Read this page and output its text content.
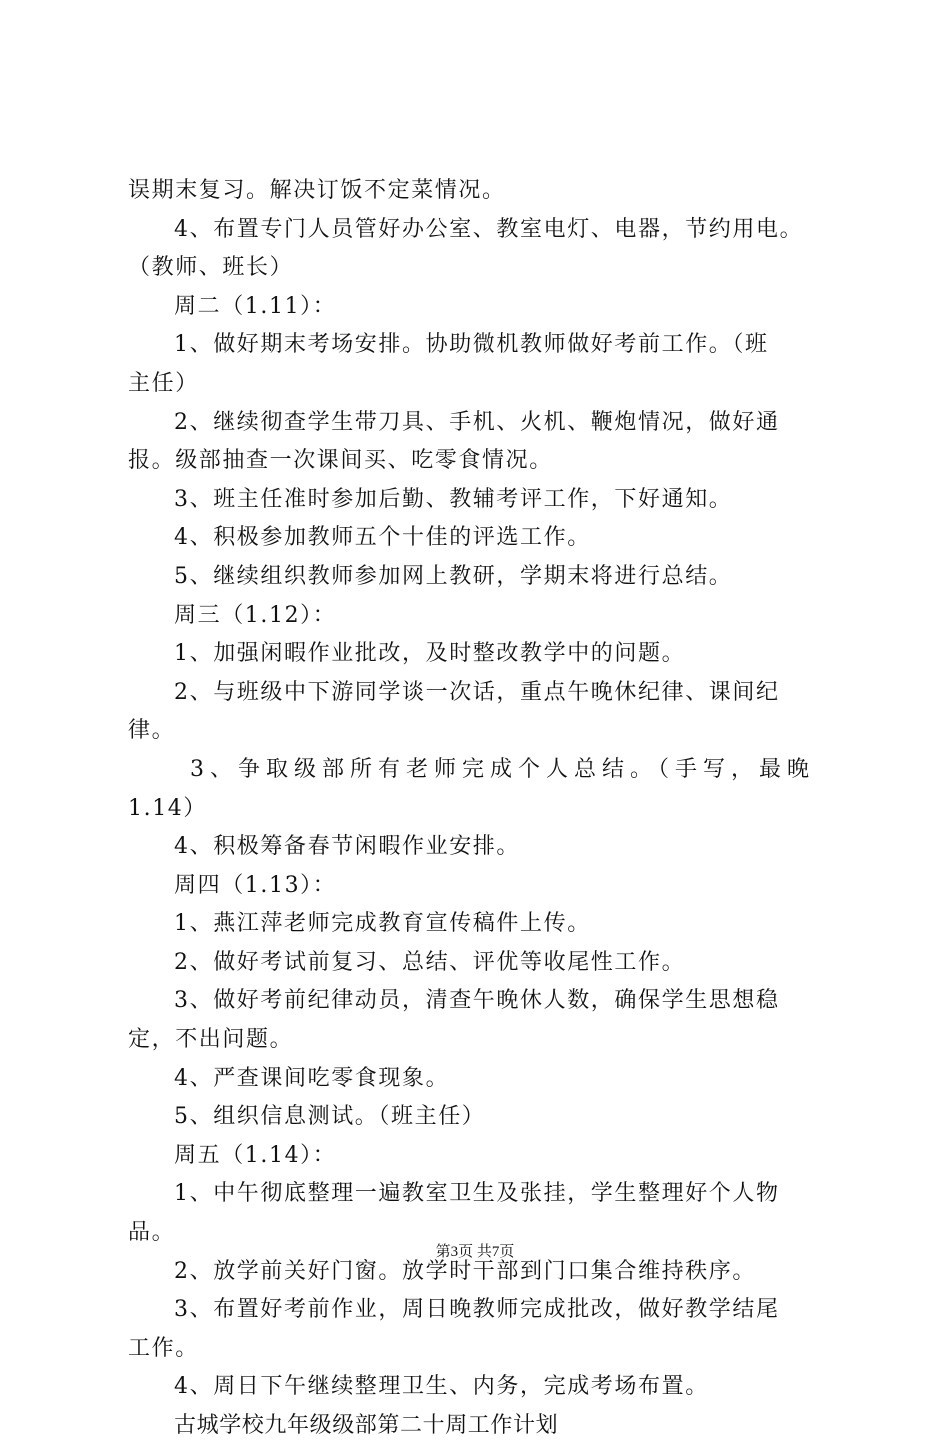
误期末复习。解决订饭不定菜情况。
4、布置专门人员管好办公室、教室电灯、电器，节约用电。
（教师、班长）
周二（1.11）：
1、做好期末考场安排。协助微机教师做好考前工作。（班
主任）
2、继续彻查学生带刀具、手机、火机、鞭炮情况，做好通
报。级部抽查一次课间买、吃零食情况。
3、班主任准时参加后勤、教辅考评工作，下好通知。
4、积极参加教师五个十佳的评选工作。
5、继续组织教师参加网上教研，学期末将进行总结。
周三（1.12）：
1、加强闲暇作业批改，及时整改教学中的问题。
2、与班级中下游同学谈一次话，重点午晚休纪律、课间纪
律。
3、争取级部所有老师完成个人总结。（手写，最晚
1.14）
4、积极筹备春节闲暇作业安排。
周四（1.13）：
1、燕江萍老师完成教育宣传稿件上传。
2、做好考试前复习、总结、评优等收尾性工作。
3、做好考前纪律动员，清查午晚休人数，确保学生思想稳
定，不出问题。
4、严查课间吃零食现象。
5、组织信息测试。（班主任）
周五（1.14）：
1、中午彻底整理一遍教室卫生及张挂，学生整理好个人物
品。
2、放学前关好门窗。放学时干部到门口集合维持秩序。
3、布置好考前作业，周日晚教师完成批改，做好教学结尾
工作。
4、周日下午继续整理卫生、内务，完成考场布置。
古城学校九年级级部第二十周工作计划
第3页 共7页
